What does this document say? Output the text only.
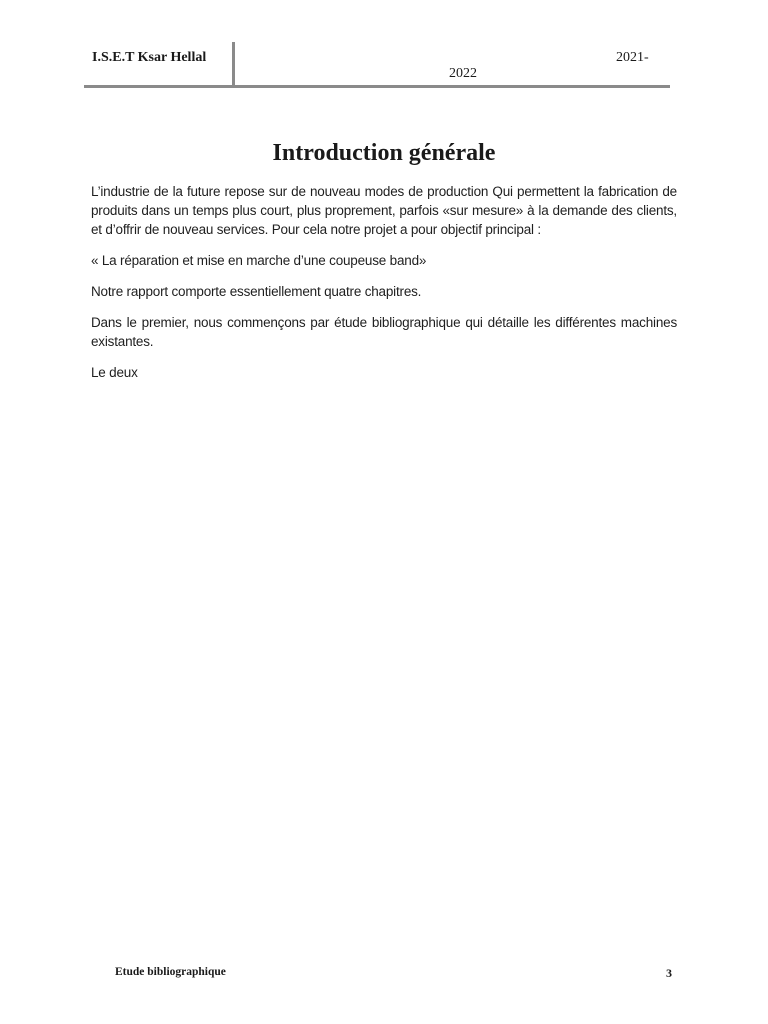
I.S.E.T Ksar Hellal	2021-
2022
Introduction générale

L’industrie de la future repose sur de nouveau modes de production Qui permettent la fabrication de produits dans un temps plus court, plus proprement, parfois «sur mesure» à la demande des clients, et d’offrir de nouveau services. Pour cela notre projet a pour objectif principal :

« La réparation et mise en marche d’une coupeuse band»

Notre rapport comporte essentiellement quatre chapitres.

Dans le premier, nous commençons par étude bibliographique qui détaille les différentes machines existantes.

Le deux

Etude bibliographique	3
